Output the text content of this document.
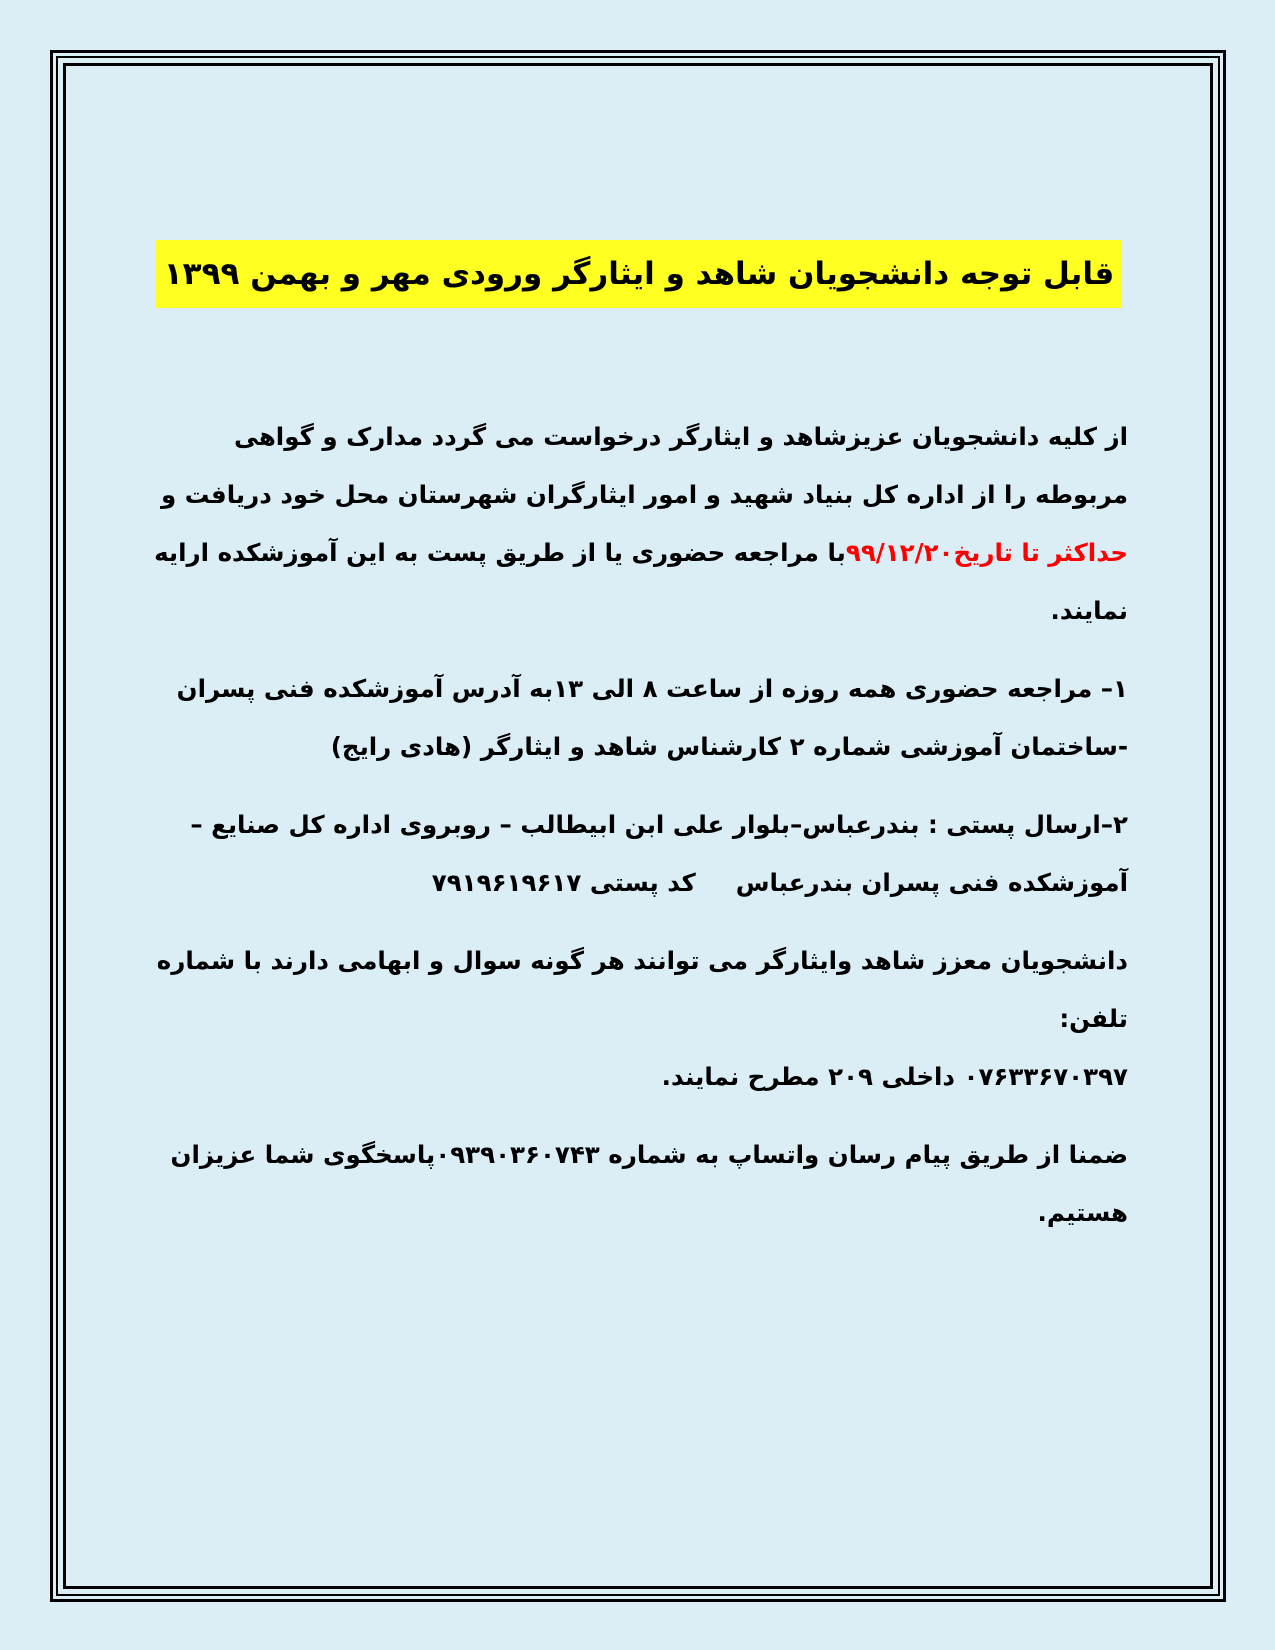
قابل توجه دانشجویان شاهد و ایثارگر ورودی مهر و بهمن ۱۳۹۹

از کلیه دانشجویان عزیزشاهد و ایثارگر درخواست می گردد مدارک و گواهی مربوطه را از اداره کل بنیاد شهید و امور ایثارگران شهرستان محل خود دریافت و حداکثر تا تاریخ۹۹/۱۲/۲۰با مراجعه حضوری یا از طریق پست به این آموزشکده ارایه نمایند.

۱– مراجعه حضوری همه روزه از ساعت ۸ الی ۱۳به آدرس آموزشکده فنی پسران -ساختمان آموزشی شماره ۲ کارشناس شاهد و ایثارگر (هادی رایج)

۲–ارسال پستی : بندرعباس–بلوار علی ابن ابیطالب – روبروی اداره کل صنایع – آموزشکده فنی پسران بندرعباسکد پستی ۷۹۱۹۶۱۹۶۱۷

دانشجویان معزز شاهد وایثارگر می توانند هر گونه سوال و ابهامی دارند با شماره تلفن:
۰۷۶۳۳۶۷۰۳۹۷ داخلی ۲۰۹ مطرح نمایند.

ضمنا از طریق پیام رسان واتساپ به شماره ۰۹۳۹۰۳۶۰۷۴۳پاسخگوی شما عزیزان هستیم.
